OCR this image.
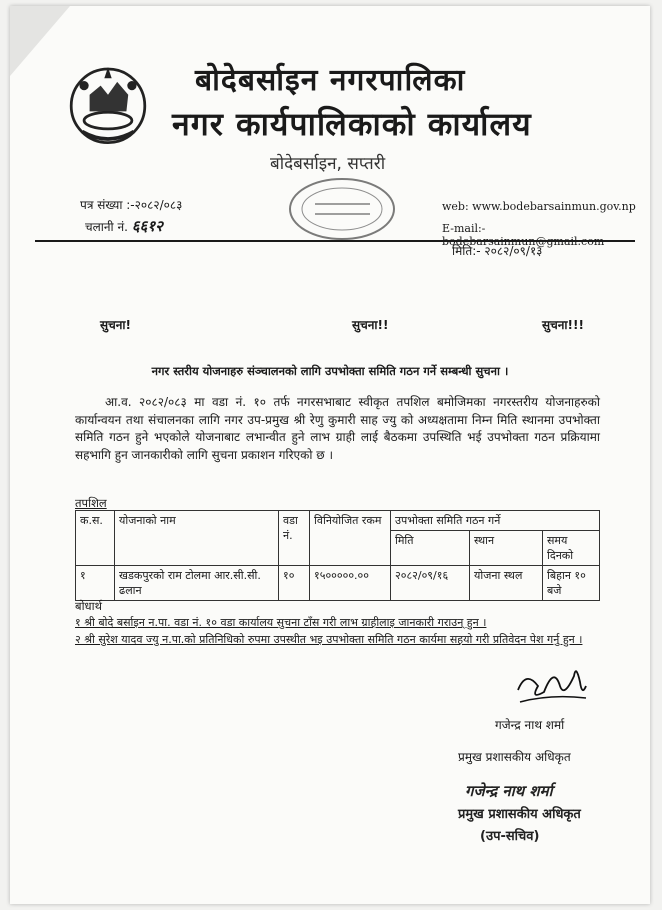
बोदेबर्साइन नगरपालिका
नगर कार्यपालिकाको कार्यालय
बोदेबर्साइन, सप्तरी
पत्र संख्या :-२०८२/०८३
चलानी नं. ६६१२
web: www.bodebarsainmun.gov.np
E-mail:-
मिति:- २०८२/०९/१३
सुचना!	सुचना!!	सुचना!!!
नगर स्तरीय योजनाहरु संञ्चालनको लागि उपभोक्ता समिति गठन गर्ने सम्बन्धी सुचना ।
आ.व. २०८२/०८३ मा वडा नं. १० तर्फ नगरसभाबाट स्वीकृत तपशिल बमोजिमका नगरस्तरीय योजनाहरुको कार्यान्वयन तथा संचालनका लागि नगर उप-प्रमुख श्री रेणु कुमारी साह ज्यु को अध्यक्षतामा निम्न मिति स्थानमा उपभोक्ता समिति गठन हुने भएकोले योजनाबाट लभान्वीत हुने लाभ ग्राही लाई बैठकमा उपस्थिति भई उपभोक्ता गठन प्रक्रियामा सहभागि हुन जानकारीको लागि सुचना प्रकाशन गरिएको छ ।
तपशिल
क.स.	योजनाको नाम	वडा नं.	विनियोजित रकम	उपभोक्ता समिति गठन गर्ने		
				मिति	स्थान	समय दिनको
१	खडकपुरको राम टोलमा आर.सी.सी. ढलान	१०	१५०००००.००	२०८२/०९/१६	योजना स्थल	बिहान १० बजे
बोधार्थ
१ श्री बोदे बर्साइन न.पा. वडा नं. १० वडा कार्यालय सुचना टाँस गरी लाभ ग्राहीलाइ जानकारी गराउन् हुन ।
२ श्री सुरेश यादव ज्यु न.पा.को प्रतिनिधिको रुपमा उपस्थीत भइ उपभोक्ता समिति गठन कार्यमा सहयो गरी प्रतिवेदन पेश गर्नु हुन ।
गजेन्द्र नाथ शर्मा
प्रमुख प्रशासकीय अधिकृत
गजेन्द्र नाथ शर्मा
प्रमुख प्रशासकीय अधिकृत
(उप-सचिव)
